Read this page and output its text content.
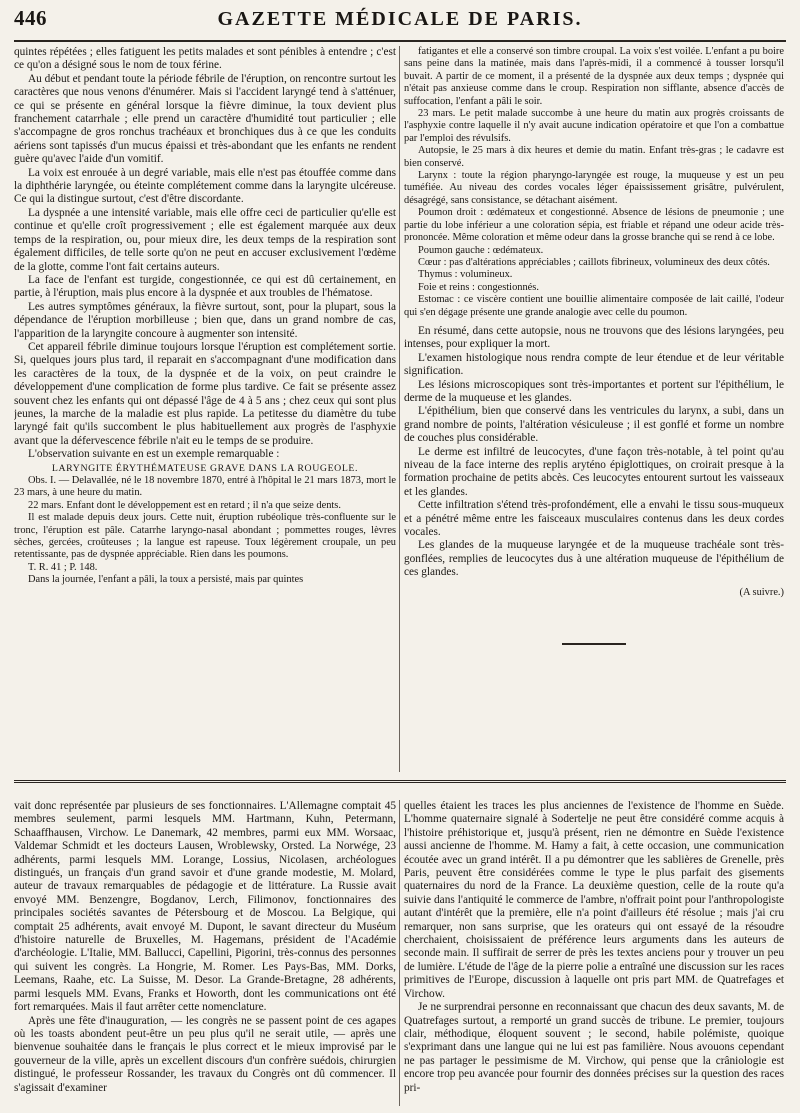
446	GAZETTE MÉDICALE DE PARIS.

quintes répétées ; elles fatiguent les petits malades et sont pénibles à entendre ; c'est ce qu'on a désigné sous le nom de toux férine.

Au début et pendant toute la période fébrile de l'éruption, on rencontre surtout les caractères que nous venons d'énumérer. Mais si l'accident laryngé tend à s'atténuer, ce qui se présente en général lorsque la fièvre diminue, la toux devient plus franchement catarrhale ; elle prend un caractère d'humidité tout particulier ; elle s'accompagne de gros ronchus trachéaux et bronchiques dus à ce que les conduits aériens sont tapissés d'un mucus épaissi et très-abondant que les enfants ne rendent guère qu'avec l'aide d'un vomitif.

La voix est enrouée à un degré variable, mais elle n'est pas étouffée comme dans la diphthérie laryngée, ou éteinte complétement comme dans la laryngite ulcéreuse. Ce qui la distingue surtout, c'est d'être discordante.

La dyspnée a une intensité variable, mais elle offre ceci de particulier qu'elle est continue et qu'elle croît progressivement ; elle est également marquée aux deux temps de la respiration, ou, pour mieux dire, les deux temps de la respiration sont également difficiles, de telle sorte qu'on ne peut en accuser exclusivement l'œdème de la glotte, comme l'ont fait certains auteurs.

La face de l'enfant est turgide, congestionnée, ce qui est dû certainement, en partie, à l'éruption, mais plus encore à la dyspnée et aux troubles de l'hématose.

Les autres symptômes généraux, la fièvre surtout, sont, pour la plupart, sous la dépendance de l'éruption morbilleuse ; bien que, dans un grand nombre de cas, l'apparition de la laryngite concoure à augmenter son intensité.

Cet appareil fébrile diminue toujours lorsque l'éruption est complétement sortie. Si, quelques jours plus tard, il reparait en s'accompagnant d'une modification dans les caractères de la toux, de la dyspnée et de la voix, on peut craindre le développement d'une complication de forme plus tardive. Ce fait se présente assez souvent chez les enfants qui ont dépassé l'âge de 4 à 5 ans ; chez ceux qui sont plus jeunes, la marche de la maladie est plus rapide. La petitesse du diamètre du tube laryngé fait qu'ils succombent le plus habituellement aux progrès de l'asphyxie avant que la défervescence fébrile n'ait eu le temps de se produire.

L'observation suivante en est un exemple remarquable :

LARYNGITE ÉRYTHÉMATEUSE GRAVE DANS LA ROUGEOLE.

Obs. I. — Delavallée, né le 18 novembre 1870, entré à l'hôpital le 21 mars 1873, mort le 23 mars, à une heure du matin.

22 mars. Enfant dont le développement est en retard ; il n'a que seize dents.

Il est malade depuis deux jours. Cette nuit, éruption rubéolique très-confluente sur le tronc, l'éruption est pâle. Catarrhe laryngo-nasal abondant ; pommettes rouges, lèvres sèches, gercées, croûteuses ; la langue est rapeuse. Toux légèrement croupale, un peu retentissante, pas de dyspnée appréciable. Rien dans les poumons.

T. R. 41 ; P. 148.

Dans la journée, l'enfant a pâli, la toux a persisté, mais par quintes

fatigantes et elle a conservé son timbre croupal. La voix s'est voilée. L'enfant a pu boire sans peine dans la matinée, mais dans l'après-midi, il a commencé à tousser lorsqu'il buvait. A partir de ce moment, il a présenté de la dyspnée aux deux temps ; dyspnée qui n'était pas anxieuse comme dans le croup. Respiration non sifflante, absence d'accès de suffocation, l'enfant a pâli le soir.

23 mars. Le petit malade succombe à une heure du matin aux progrès croissants de l'asphyxie contre laquelle il n'y avait aucune indication opératoire et que l'on a combattue par l'emploi des révulsifs.

Autopsie, le 25 mars à dix heures et demie du matin. Enfant très-gras ; le cadavre est bien conservé.

Larynx : toute la région pharyngo-laryngée est rouge, la muqueuse y est un peu tuméfiée. Au niveau des cordes vocales léger épaississement grisâtre, pulvérulent, désagrégé, sans consistance, se détachant aisément.

Poumon droit : œdémateux et congestionné. Absence de lésions de pneumonie ; une partie du lobe inférieur a une coloration sépia, est friable et répand une odeur acide très-prononcée. Même coloration et même odeur dans la grosse branche qui se rend à ce lobe.

Poumon gauche : œdémateux.

Cœur : pas d'altérations appréciables ; caillots fibrineux, volumineux des deux côtés.

Thymus : volumineux.

Foie et reins : congestionnés.

Estomac : ce viscère contient une bouillie alimentaire composée de lait caillé, l'odeur qui s'en dégage présente une grande analogie avec celle du poumon.

En résumé, dans cette autopsie, nous ne trouvons que des lésions laryngées, peu intenses, pour expliquer la mort.

L'examen histologique nous rendra compte de leur étendue et de leur véritable signification.

Les lésions microscopiques sont très-importantes et portent sur l'épithélium, le derme de la muqueuse et les glandes.

L'épithélium, bien que conservé dans les ventricules du larynx, a subi, dans un grand nombre de points, l'altération vésiculeuse ; il est gonflé et forme un nombre de couches plus considérable.

Le derme est infiltré de leucocytes, d'une façon très-notable, à tel point qu'au niveau de la face interne des replis aryténo épiglottiques, on croirait presque à la formation prochaine de petits abcès. Ces leucocytes entourent surtout les vaisseaux et les glandes.

Cette infiltration s'étend très-profondément, elle a envahi le tissu sous-muqueux et a pénétré même entre les faisceaux musculaires contenus dans les deux cordes vocales.

Les glandes de la muqueuse laryngée et de la muqueuse trachéale sont très-gonflées, remplies de leucocytes dus à une altération muqueuse de l'épithélium de ces glandes.

(A suivre.)

vait donc représentée par plusieurs de ses fonctionnaires. L'Allemagne comptait 45 membres seulement, parmi lesquels MM. Hartmann, Kuhn, Petermann, Schaaffhausen, Virchow. Le Danemark, 42 membres, parmi eux MM. Worsaac, Valdemar Schmidt et les docteurs Lausen, Wroblewsky, Orsted. La Norwége, 23 adhérents, parmi lesquels MM. Lorange, Lossius, Nicolasen, archéologues distingués, un français d'un grand savoir et d'une grande modestie, M. Molard, auteur de travaux remarquables de pédagogie et de littérature. La Russie avait envoyé MM. Benzengre, Bogdanov, Lerch, Filimonov, fonctionnaires des principales sociétés savantes de Pétersbourg et de Moscou. La Belgique, qui comptait 25 adhérents, avait envoyé M. Dupont, le savant directeur du Muséum d'histoire naturelle de Bruxelles, M. Hagemans, président de l'Académie d'archéologie. L'Italie, MM. Ballucci, Capellini, Pigorini, très-connus des personnes qui suivent les congrès. La Hongrie, M. Romer. Les Pays-Bas, MM. Dorks, Leemans, Raahe, etc. La Suisse, M. Desor. La Grande-Bretagne, 28 adhérents, parmi lesquels MM. Evans, Franks et Howorth, dont les communications ont été fort remarquées. Mais il faut arrêter cette nomenclature.

Après une fête d'inauguration, — les congrès ne se passent point de ces agapes où les toasts abondent peut-être un peu plus qu'il ne serait utile, — après une bienvenue souhaitée dans le français le plus correct et le mieux improvisé par le gouverneur de la ville, après un excellent discours d'un confrère suédois, chirurgien distingué, le professeur Rossander, les travaux du Congrès ont dû commencer. Il s'agissait d'examiner

quelles étaient les traces les plus anciennes de l'existence de l'homme en Suède. L'homme quaternaire signalé à Sodertelje ne peut être considéré comme acquis à l'histoire préhistorique et, jusqu'à présent, rien ne démontre en Suède l'existence aussi ancienne de l'homme. M. Hamy a fait, à cette occasion, une communication écoutée avec un grand intérêt. Il a pu démontrer que les sablières de Grenelle, près Paris, peuvent être considérées comme le type le plus parfait des gisements quaternaires du nord de la France. La deuxième question, celle de la route qu'a suivie dans l'antiquité le commerce de l'ambre, n'offrait point pour l'anthropologiste autant d'intérêt que la première, elle n'a point d'ailleurs été résolue ; mais j'ai cru remarquer, non sans surprise, que les orateurs qui ont essayé de la résoudre cherchaient, choisissaient de préférence leurs arguments dans les auteurs de seconde main. Il suffirait de serrer de près les textes anciens pour y trouver un peu de lumière. L'étude de l'âge de la pierre polie a entraîné une discussion sur les races primitives de l'Europe, discussion à laquelle ont pris part MM. de Quatrefages et Virchow.

Je ne surprendrai personne en reconnaissant que chacun des deux savants, M. de Quatrefages surtout, a remporté un grand succès de tribune. Le premier, toujours clair, méthodique, éloquent souvent ; le second, habile polémiste, quoique s'exprimant dans une langue qui ne lui est pas familière. Nous avouons cependant ne pas partager le pessimisme de M. Virchow, qui pense que la crâniologie est encore trop peu avancée pour fournir des données précises sur la question des races pri-
